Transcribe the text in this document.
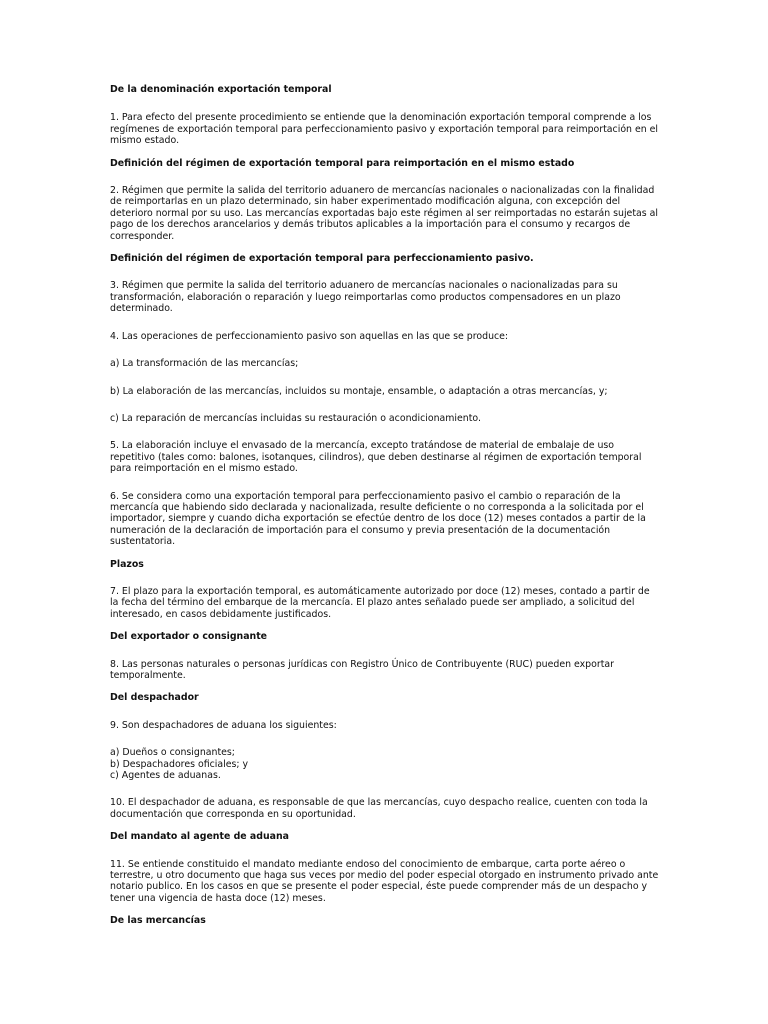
De la denominación exportación temporal

1. Para efecto del presente procedimiento se entiende que la denominación exportación temporal comprende a los regímenes de exportación temporal para perfeccionamiento pasivo y exportación temporal para reimportación en el mismo estado.

Definición del régimen de exportación temporal para reimportación en el mismo estado

2. Régimen que permite la salida del territorio aduanero de mercancías nacionales o nacionalizadas con la finalidad de reimportarlas en un plazo determinado, sin haber experimentado modificación alguna, con excepción del deterioro normal por su uso. Las mercancías exportadas bajo este régimen al ser reimportadas no estarán sujetas al pago de los derechos arancelarios y demás tributos aplicables a la importación para el consumo y recargos de corresponder.

Definición del régimen de exportación temporal para perfeccionamiento pasivo.

3. Régimen que permite la salida del territorio aduanero de mercancías nacionales o nacionalizadas para su transformación, elaboración o reparación y luego reimportarlas como productos compensadores en un plazo determinado.

4. Las operaciones de perfeccionamiento pasivo son aquellas en las que se produce:

a) La transformación de las mercancías;

b) La elaboración de las mercancías, incluidos su montaje, ensamble, o adaptación a otras mercancías, y;

c) La reparación de mercancías incluidas su restauración o acondicionamiento.

5. La elaboración incluye el envasado de la mercancía, excepto tratándose de material de embalaje de uso repetitivo (tales como: balones, isotanques, cilindros), que deben destinarse al régimen de exportación temporal para reimportación en el mismo estado.

6. Se considera como una exportación temporal para perfeccionamiento pasivo el cambio o reparación de la mercancía que habiendo sido declarada y nacionalizada, resulte deficiente o no corresponda a la solicitada por el importador, siempre y cuando dicha exportación se efectúe dentro de los doce (12) meses contados a partir de la numeración de la declaración de importación para el consumo y previa presentación de la documentación sustentatoria.

Plazos

7. El plazo para la exportación temporal, es automáticamente autorizado por doce (12) meses, contado a partir de la fecha del término del embarque de la mercancía. El plazo antes señalado puede ser ampliado, a solicitud del interesado, en casos debidamente justificados.

Del exportador o consignante

8. Las personas naturales o personas jurídicas con Registro Único de Contribuyente (RUC) pueden exportar temporalmente.

Del despachador

9. Son despachadores de aduana los siguientes:

a) Dueños o consignantes;
b) Despachadores oficiales; y
c) Agentes de aduanas.

10. El despachador de aduana, es responsable de que las mercancías, cuyo despacho realice, cuenten con toda la documentación que corresponda en su oportunidad.

Del mandato al agente de aduana

11. Se entiende constituido el mandato mediante endoso del conocimiento de embarque, carta porte aéreo o terrestre, u otro documento que haga sus veces por medio del poder especial otorgado en instrumento privado ante notario publico. En los casos en que se presente el poder especial, éste puede comprender más de un despacho y tener una vigencia de hasta doce (12) meses.

De las mercancías
